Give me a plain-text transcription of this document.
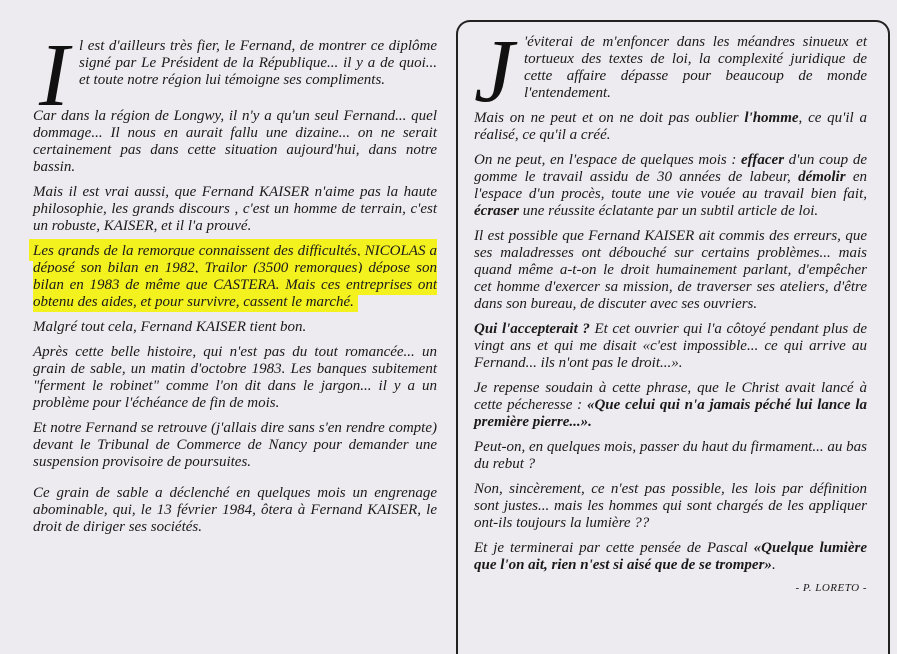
I l est d'ailleurs très fier, le Fernand, de montrer ce diplôme signé par Le Président de la République... il y a de quoi... et toute notre région lui témoigne ses compliments.

Car dans la région de Longwy, il n'y a qu'un seul Fernand... quel dommage... Il nous en aurait fallu une dizaine... on ne serait certainement pas dans cette situation aujourd'hui, dans notre bassin.

Mais il est vrai aussi, que Fernand KAISER n'aime pas la haute philosophie, les grands discours , c'est un homme de terrain, c'est un robuste, KAISER, et il l'a prouvé.

Les grands de la remorque connaissent des difficultés, NICOLAS a déposé son bilan en 1982, Trailor (3500 remorques) dépose son bilan en 1983 de même que CASTERA. Mais ces entreprises ont obtenu des aides, et pour survivre, cassent le marché.

Malgré tout cela, Fernand KAISER tient bon.

Après cette belle histoire, qui n'est pas du tout romancée... un grain de sable, un matin d'octobre 1983. Les banques subitement "ferment le robinet" comme l'on dit dans le jargon... il y a un problème pour l'échéance de fin de mois.

Et notre Fernand se retrouve (j'allais dire sans s'en rendre compte) devant le Tribunal de Commerce de Nancy pour demander une suspension provisoire de poursuites.

Ce grain de sable a déclenché en quelques mois un engrenage abominable, qui, le 13 février 1984, ôtera à Fernand KAISER, le droit de diriger ses sociétés.

J 'éviterai de m'enfoncer dans les méandres sinueux et tortueux des textes de loi, la complexité juridique de cette affaire dépasse pour beaucoup de monde l'entendement.

Mais on ne peut et on ne doit pas oublier l'homme, ce qu'il a réalisé, ce qu'il a créé.

On ne peut, en l'espace de quelques mois : effacer d'un coup de gomme le travail assidu de 30 années de labeur, démolir en l'espace d'un procès, toute une vie vouée au travail bien fait, écraser une réussite éclatante par un subtil article de loi.

Il est possible que Fernand KAISER ait commis des erreurs, que ses maladresses ont débouché sur certains problèmes... mais quand même a-t-on le droit humainement parlant, d'empêcher cet homme d'exercer sa mission, de traverser ses ateliers, d'être dans son bureau, de discuter avec ses ouvriers.

Qui l'accepterait ? Et cet ouvrier qui l'a côtoyé pendant plus de vingt ans et qui me disait «c'est impossible... ce qui arrive au Fernand... ils n'ont pas le droit...».

Je repense soudain à cette phrase, que le Christ avait lancé à cette pécheresse : «Que celui qui n'a jamais péché lui lance la première pierre...».

Peut-on, en quelques mois, passer du haut du firmament... au bas du rebut ?

Non, sincèrement, ce n'est pas possible, les lois par définition sont justes... mais les hommes qui sont chargés de les appliquer ont-ils toujours la lumière ??

Et je terminerai par cette pensée de Pascal «Quelque lumière que l'on ait, rien n'est si aisé que de se tromper».

- P. LORETO -
